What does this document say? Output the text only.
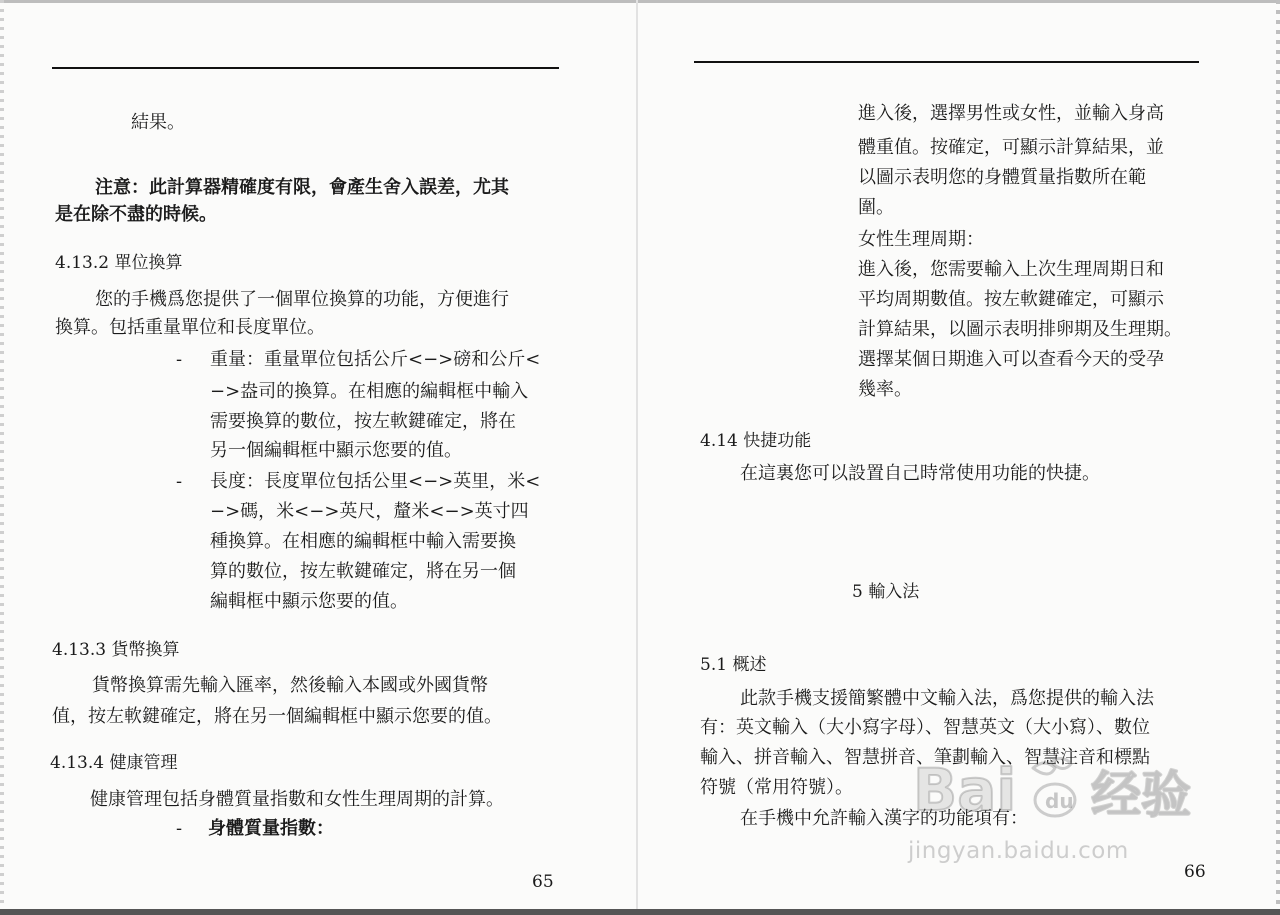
結果。
注意：此計算器精確度有限，會產生舍入誤差，尤其
是在除不盡的時候。
4.13.2 單位換算
您的手機爲您提供了一個單位換算的功能，方便進行
換算。包括重量單位和長度單位。
- 重量：重量單位包括公斤<−>磅和公斤<
−>盎司的換算。在相應的編輯框中輸入
需要換算的數位，按左軟鍵確定，將在
另一個編輯框中顯示您要的值。
- 長度：長度單位包括公里<−>英里，米<
−>碼，米<−>英尺，釐米<−>英寸四
種換算。在相應的編輯框中輸入需要換
算的數位，按左軟鍵確定，將在另一個
編輯框中顯示您要的值。
4.13.3 貨幣換算
貨幣換算需先輸入匯率，然後輸入本國或外國貨幣
值，按左軟鍵確定，將在另一個編輯框中顯示您要的值。
4.13.4 健康管理
健康管理包括身體質量指數和女性生理周期的計算。
- 身體質量指數：
65
進入後，選擇男性或女性，並輸入身高
體重值。按確定，可顯示計算結果，並
以圖示表明您的身體質量指數所在範
圍。
女性生理周期：
進入後，您需要輸入上次生理周期日和
平均周期數值。按左軟鍵確定，可顯示
計算結果，以圖示表明排卵期及生理期。
選擇某個日期進入可以查看今天的受孕
幾率。
4.14 快捷功能
在這裏您可以設置自己時常使用功能的快捷。
5 輸入法
5.1 概述
此款手機支援簡繁體中文輸入法，爲您提供的輸入法
有：英文輸入（大小寫字母）、智慧英文（大小寫）、數位
輸入、拼音輸入、智慧拼音、筆劃輸入、智慧注音和標點
符號（常用符號）。
在手機中允許輸入漢字的功能項有：
66
Bai du 经验
jingyan.baidu.com
